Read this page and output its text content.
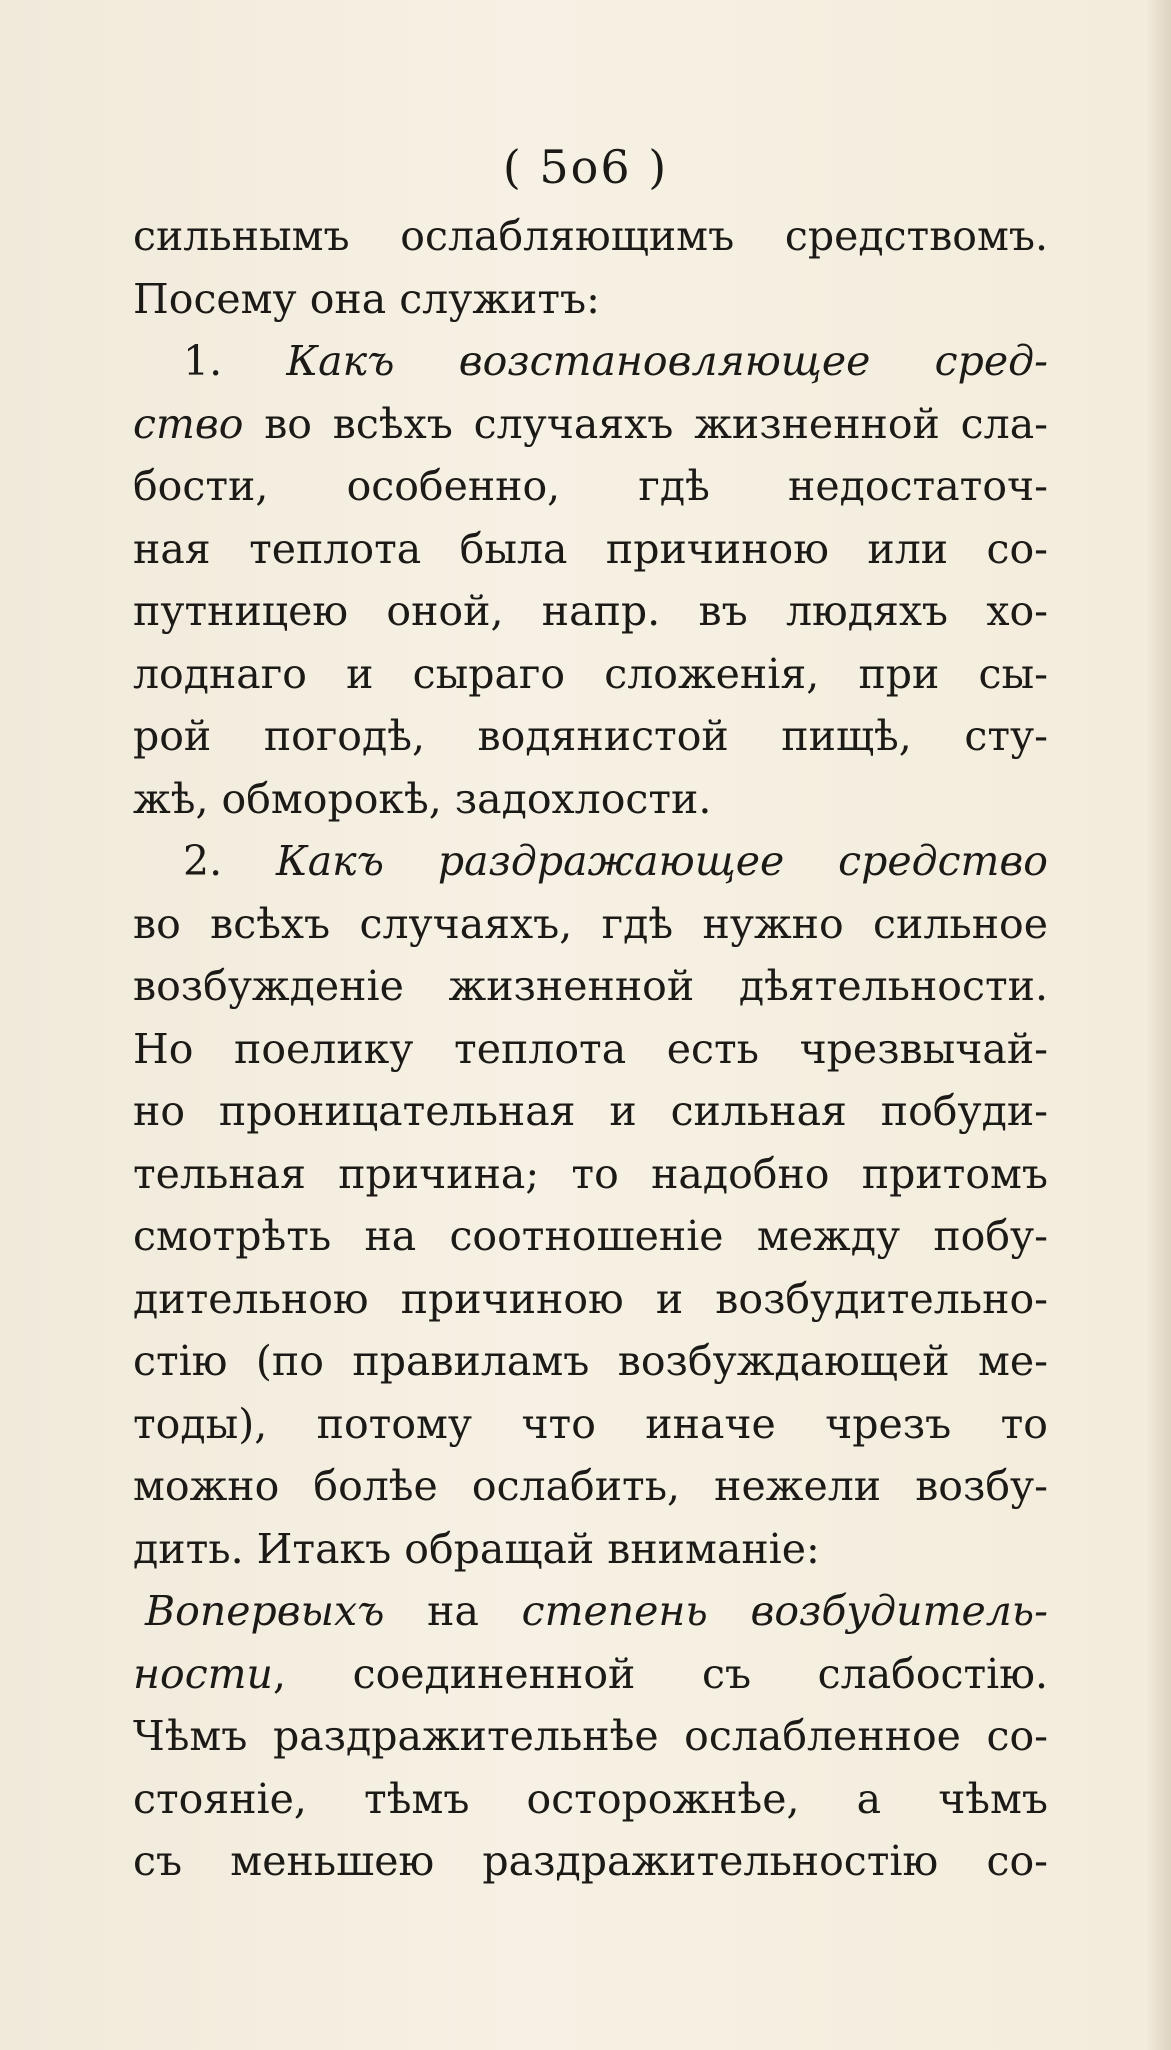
( 5o6 )
сильнымъ ослабляющимъ средствомъ.
Посему она служитъ:
1. Какъ возстановляющее сред-
ство во всѣхъ случаяхъ жизненной сла-
бости, особенно, гдѣ недостаточ-
ная теплота была причиною или со-
путницею оной, напр. въ людяхъ хо-
лоднаго и сыраго сложенія, при сы-
рой погодѣ, водянистой пищѣ, сту-
жѣ, обморокѣ, задохлости.
2. Какъ раздражающее средство
во всѣхъ случаяхъ, гдѣ нужно сильное
возбужденіе жизненной дѣятельности.
Но поелику теплота есть чрезвычай-
но проницательная и сильная побуди-
тельная причина; то надобно притомъ
смотрѣть на соотношеніе между побу-
дительною причиною и возбудительно-
стію (по правиламъ возбуждающей ме-
тоды), потому что иначе чрезъ то
можно болѣе ослабить, нежели возбу-
дить. Итакъ обращай вниманіе:
Вопервыхъ на степень возбудитель-
ности, соединенной съ слабостію.
Чѣмъ раздражительнѣе ослабленное со-
стояніе, тѣмъ осторожнѣе, а чѣмъ
съ меньшею раздражительностію со-
